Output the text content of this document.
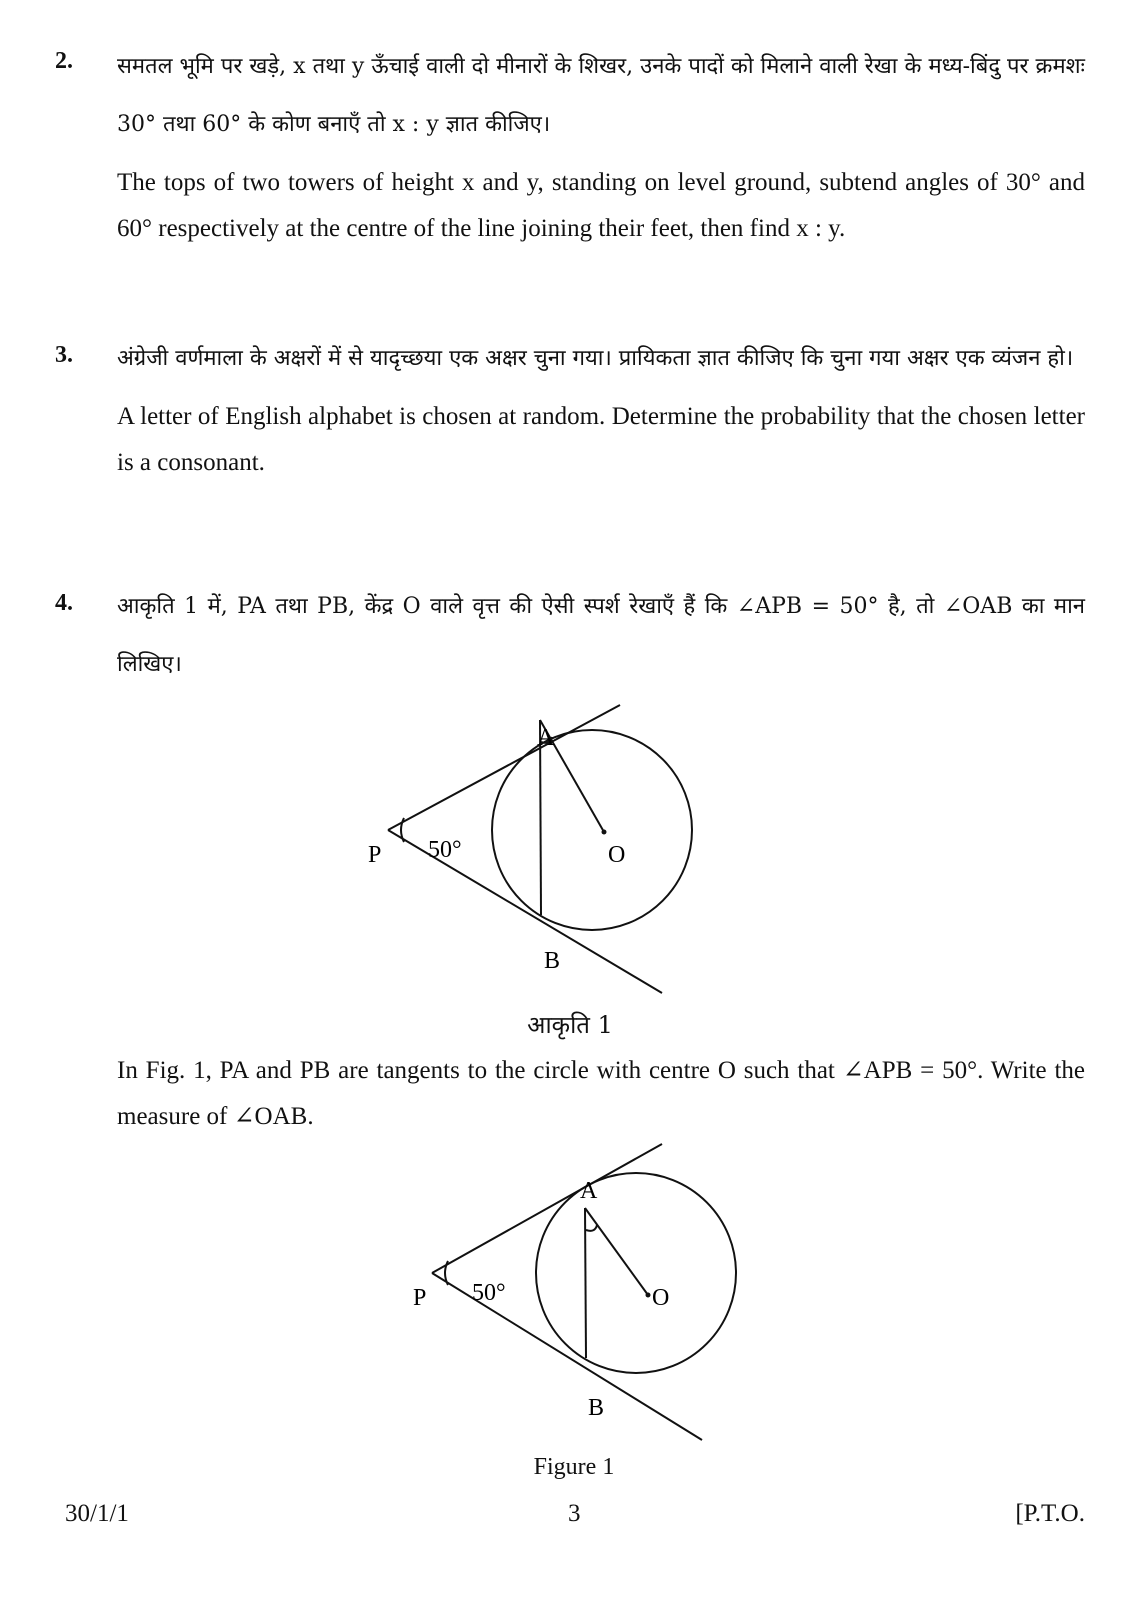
2. समतल भूमि पर खड़े, x तथा y ऊँचाई वाली दो मीनारों के शिखर, उनके पादों को मिलाने वाली रेखा के मध्य-बिंदु पर क्रमशः 30° तथा 60° के कोण बनाएँ तो x : y ज्ञात कीजिए।
The tops of two towers of height x and y, standing on level ground, subtend angles of 30° and 60° respectively at the centre of the line joining their feet, then find x : y.
3. अंग्रेजी वर्णमाला के अक्षरों में से यादृच्छया एक अक्षर चुना गया। प्रायिकता ज्ञात कीजिए कि चुना गया अक्षर एक व्यंजन हो।
A letter of English alphabet is chosen at random. Determine the probability that the chosen letter is a consonant.
4. आकृति 1 में, PA तथा PB, केंद्र O वाले वृत्त की ऐसी स्पर्श रेखाएँ हैं कि ∠APB = 50° है, तो ∠OAB का मान लिखिए।
A
B
P	O
50°
A
B
P	O
50°
आकृति 1
In Fig. 1, PA and PB are tangents to the circle with centre O such that ∠APB = 50°. Write the measure of ∠OAB.
Figure 1
30/1/1	3	[P.T.O.
